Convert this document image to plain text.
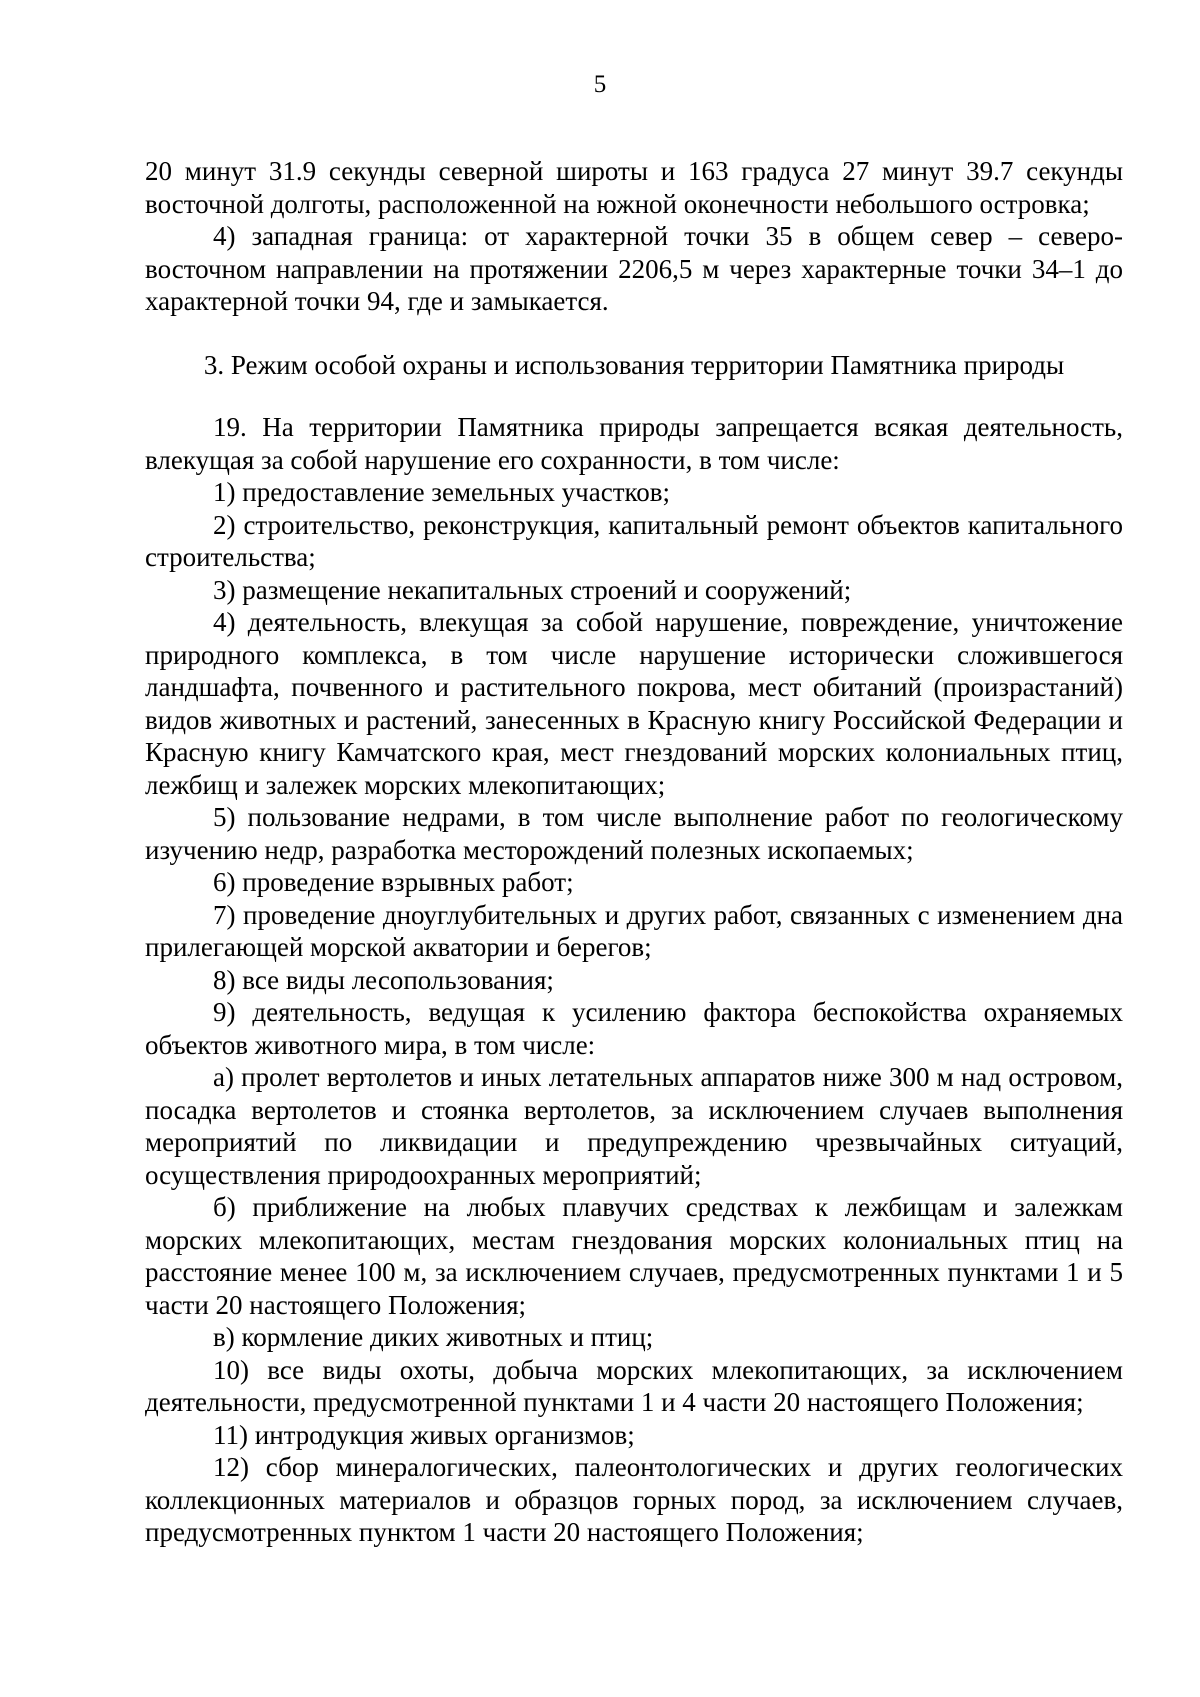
5

20 минут 31.9 секунды северной широты и 163 градуса 27 минут 39.7 секунды восточной долготы, расположенной на южной оконечности небольшого островка;

4) западная граница: от характерной точки 35 в общем север – северо-восточном направлении на протяжении 2206,5 м через характерные точки 34–1 до характерной точки 94, где и замыкается.

3. Режим особой охраны и использования территории Памятника природы

19. На территории Памятника природы запрещается всякая деятельность, влекущая за собой нарушение его сохранности, в том числе:

1) предоставление земельных участков;

2) строительство, реконструкция, капитальный ремонт объектов капитального строительства;

3) размещение некапитальных строений и сооружений;

4) деятельность, влекущая за собой нарушение, повреждение, уничтожение природного комплекса, в том числе нарушение исторически сложившегося ландшафта, почвенного и растительного покрова, мест обитаний (произрастаний) видов животных и растений, занесенных в Красную книгу Российской Федерации и Красную книгу Камчатского края, мест гнездований морских колониальных птиц, лежбищ и залежек морских млекопитающих;

5) пользование недрами, в том числе выполнение работ по геологическому изучению недр, разработка месторождений полезных ископаемых;

6) проведение взрывных работ;

7) проведение дноуглубительных и других работ, связанных с изменением дна прилегающей морской акватории и берегов;

8) все виды лесопользования;

9) деятельность, ведущая к усилению фактора беспокойства охраняемых объектов животного мира, в том числе:

а) пролет вертолетов и иных летательных аппаратов ниже 300 м над островом, посадка вертолетов и стоянка вертолетов, за исключением случаев выполнения мероприятий по ликвидации и предупреждению чрезвычайных ситуаций, осуществления природоохранных мероприятий;

б) приближение на любых плавучих средствах к лежбищам и залежкам морских млекопитающих, местам гнездования морских колониальных птиц на расстояние менее 100 м, за исключением случаев, предусмотренных пунктами 1 и 5 части 20 настоящего Положения;

в) кормление диких животных и птиц;

10) все виды охоты, добыча морских млекопитающих, за исключением деятельности, предусмотренной пунктами 1 и 4 части 20 настоящего Положения;

11) интродукция живых организмов;

12) сбор минералогических, палеонтологических и других геологических коллекционных материалов и образцов горных пород, за исключением случаев, предусмотренных пунктом 1 части 20 настоящего Положения;
